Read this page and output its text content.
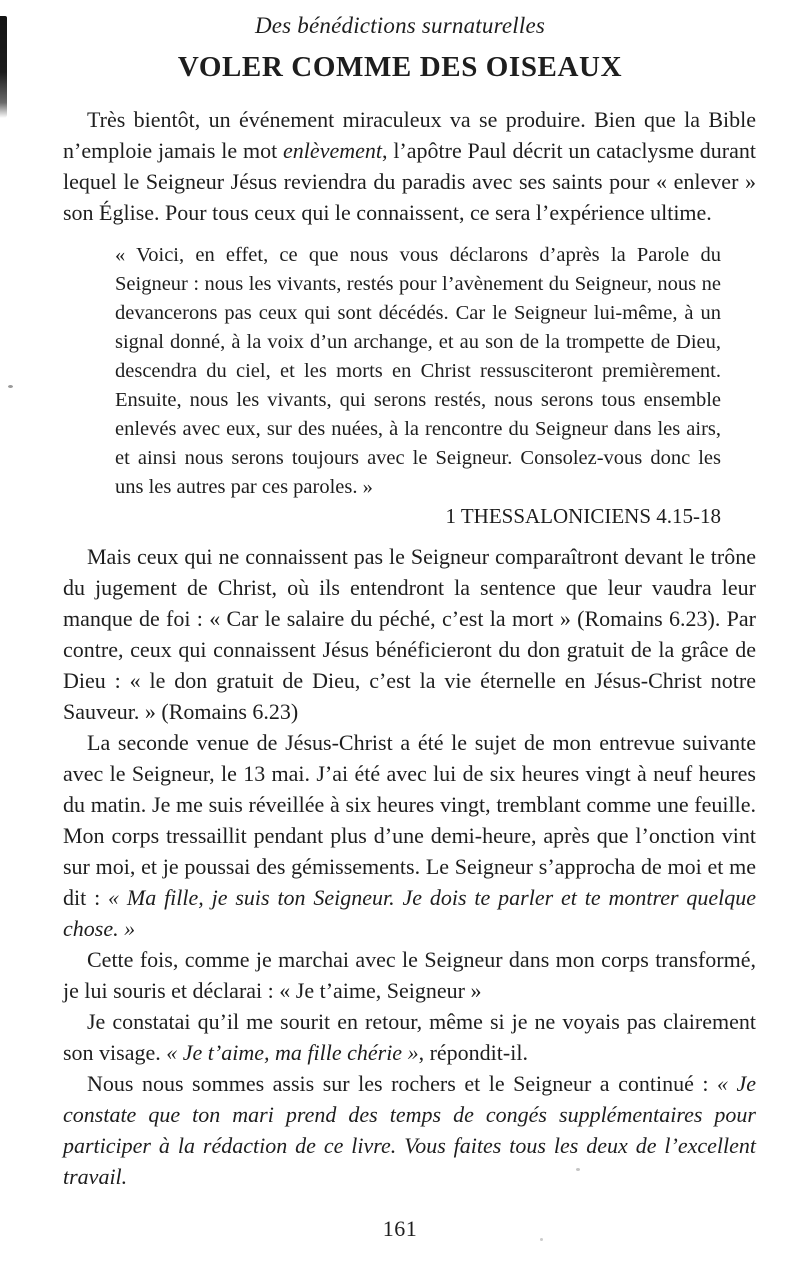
Des bénédictions surnaturelles
VOLER COMME DES OISEAUX

Très bientôt, un événement miraculeux va se produire. Bien que la Bible n’emploie jamais le mot enlèvement, l’apôtre Paul décrit un cataclysme durant lequel le Seigneur Jésus reviendra du paradis avec ses saints pour « enlever » son Église. Pour tous ceux qui le connaissent, ce sera l’expérience ultime.

« Voici, en effet, ce que nous vous déclarons d’après la Parole du Seigneur : nous les vivants, restés pour l’avènement du Seigneur, nous ne devancerons pas ceux qui sont décédés. Car le Seigneur lui-même, à un signal donné, à la voix d’un archange, et au son de la trompette de Dieu, descendra du ciel, et les morts en Christ ressusciteront premièrement. Ensuite, nous les vivants, qui serons restés, nous serons tous ensemble enlevés avec eux, sur des nuées, à la rencontre du Seigneur dans les airs, et ainsi nous serons toujours avec le Seigneur. Consolez-vous donc les uns les autres par ces paroles. »

1 THESSALONICIENS 4.15-18

Mais ceux qui ne connaissent pas le Seigneur comparaîtront devant le trône du jugement de Christ, où ils entendront la sentence que leur vaudra leur manque de foi : « Car le salaire du péché, c’est la mort » (Romains 6.23). Par contre, ceux qui connaissent Jésus bénéficieront du don gratuit de la grâce de Dieu : « le don gratuit de Dieu, c’est la vie éternelle en Jésus-Christ notre Sauveur. » (Romains 6.23)

La seconde venue de Jésus-Christ a été le sujet de mon entrevue suivante avec le Seigneur, le 13 mai. J’ai été avec lui de six heures vingt à neuf heures du matin. Je me suis réveillée à six heures vingt, tremblant comme une feuille. Mon corps tressaillit pendant plus d’une demi-heure, après que l’onction vint sur moi, et je poussai des gémissements. Le Seigneur s’approcha de moi et me dit : « Ma fille, je suis ton Seigneur. Je dois te parler et te montrer quelque chose. »

Cette fois, comme je marchai avec le Seigneur dans mon corps transformé, je lui souris et déclarai : « Je t’aime, Seigneur »

Je constatai qu’il me sourit en retour, même si je ne voyais pas clairement son visage. « Je t’aime, ma fille chérie », répondit-il.

Nous nous sommes assis sur les rochers et le Seigneur a continué : « Je constate que ton mari prend des temps de congés supplémentaires pour participer à la rédaction de ce livre. Vous faites tous les deux de l’excellent travail.

161
